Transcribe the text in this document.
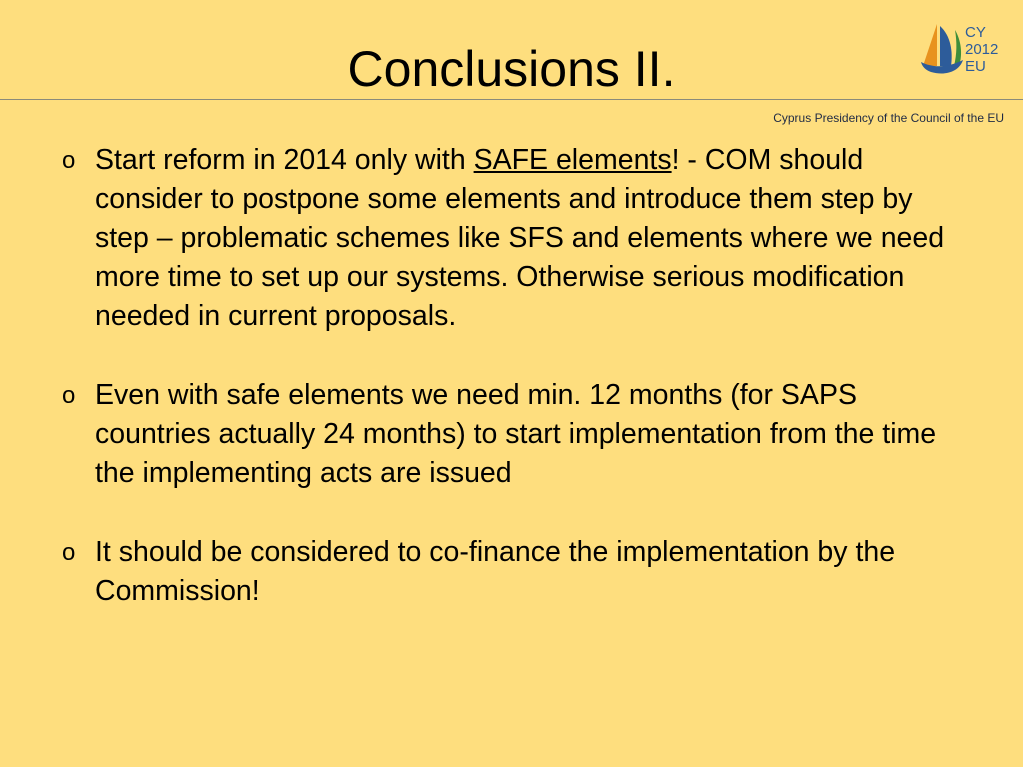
Conclusions II.
CY
2012
EU
Cyprus Presidency of the Council of the EU
o Start reform in 2014 only with SAFE elements! - COM should consider to postpone some elements and introduce them step by step – problematic schemes like SFS and elements where we need more time to set up our systems. Otherwise serious modification needed in current proposals.
o Even with safe elements we need min. 12 months (for SAPS countries actually 24 months) to start implementation from the time the implementing acts are issued
o It should be considered to co-finance the implementation by the Commission!
